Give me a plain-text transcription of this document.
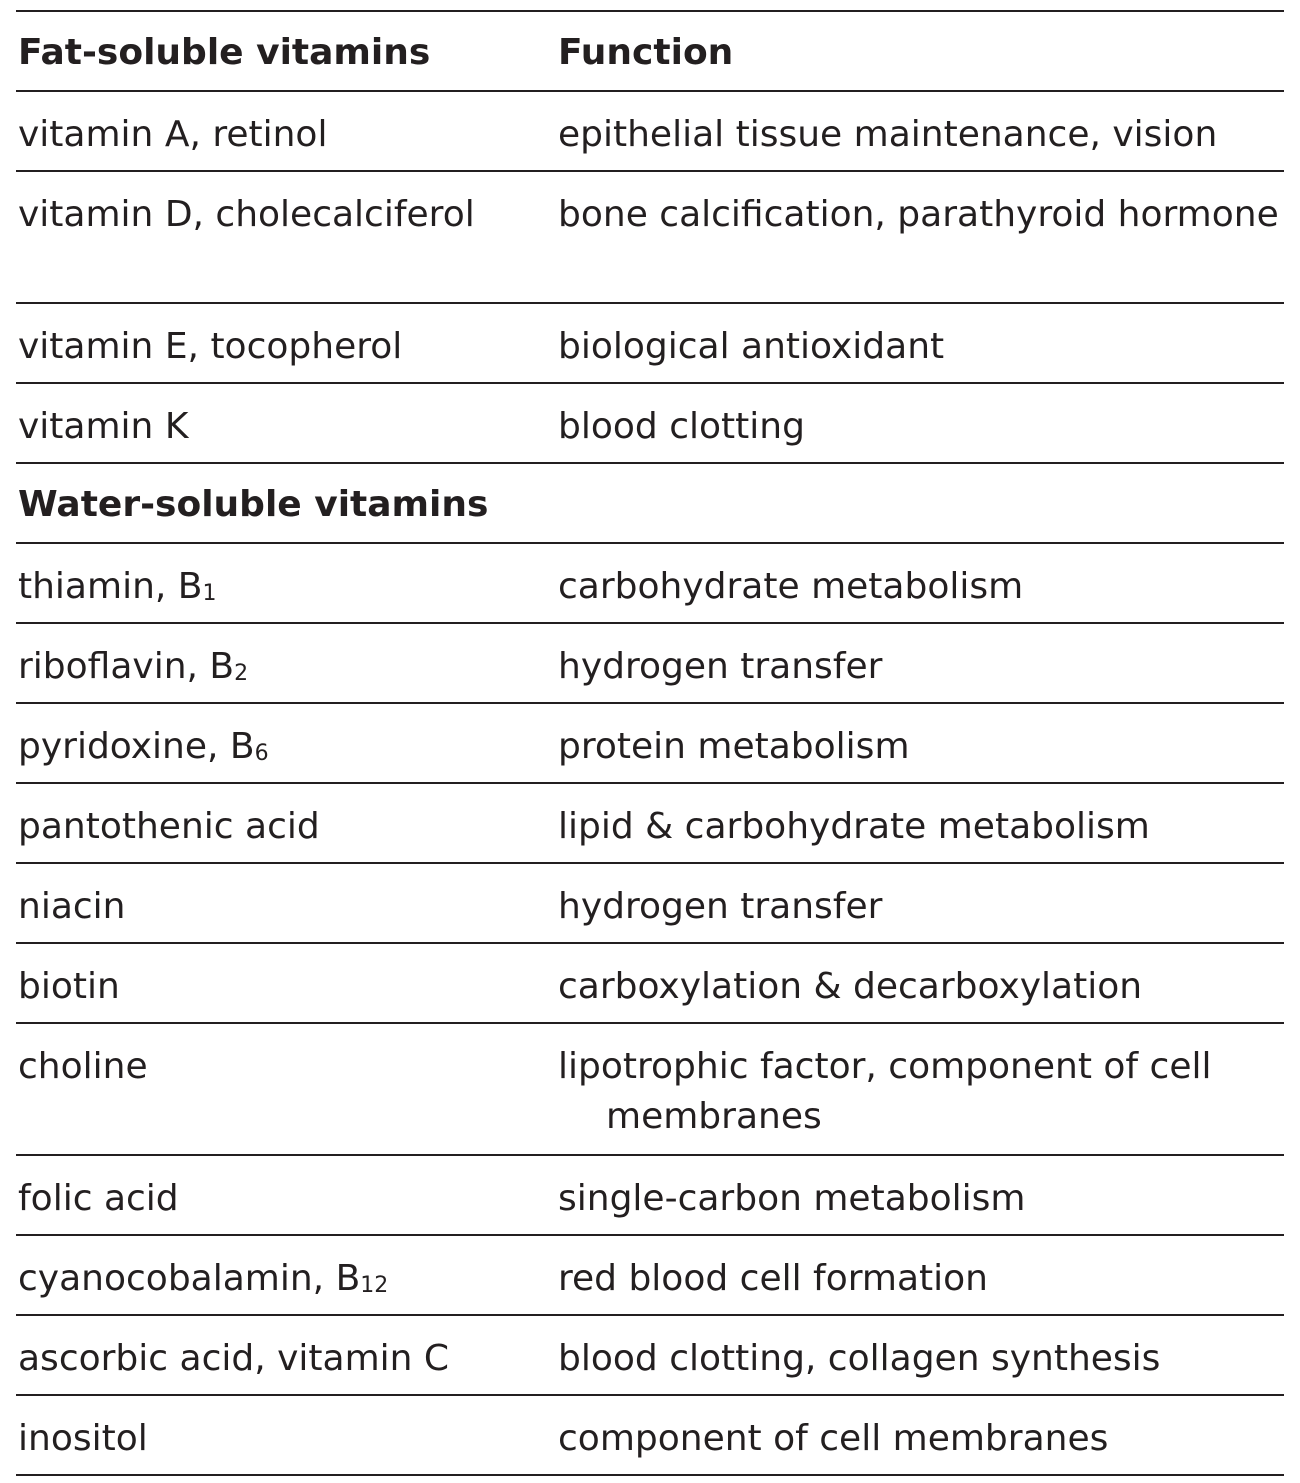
Fat-soluble vitamins	Function
vitamin A, retinol	epithelial tissue maintenance, vision

vitamin D, cholecalciferol	bone calcification, parathyroid hormone

vitamin E, tocopherol	biological antioxidant

vitamin K	blood clotting

Water-soluble vitamins	
thiamin, B1	carbohydrate metabolism

riboflavin, B2	hydrogen transfer

pyridoxine, B6	protein metabolism

pantothenic acid	lipid & carbohydrate metabolism

niacin	hydrogen transfer

biotin	carboxylation & decarboxylation

choline	lipotrophic factor, component of cell membranes

folic acid	single-carbon metabolism

cyanocobalamin, B12	red blood cell formation

ascorbic acid, vitamin C	blood clotting, collagen synthesis

inositol	component of cell membranes
